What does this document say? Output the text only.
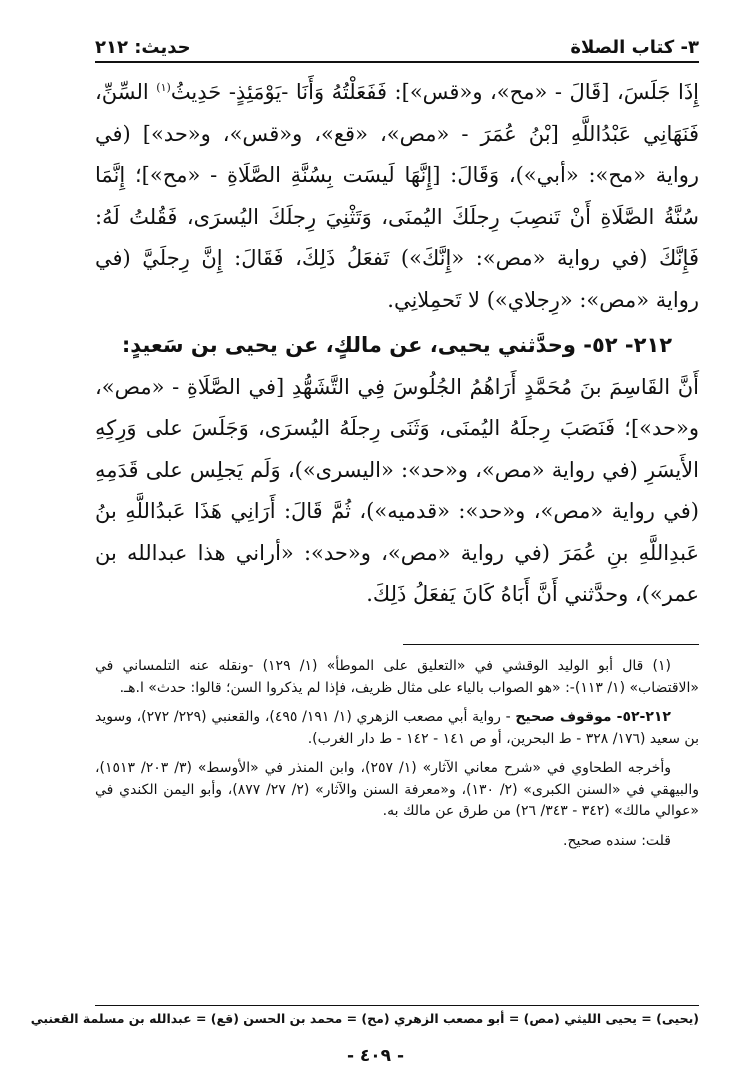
٣- كتاب الصلاة
حديث: ٢١٢

إِذَا جَلَسَ، [قَالَ - «مح»، و«قس»]: فَفَعَلْتُهُ وَأَنَا -يَوْمَئِذٍ- حَدِيثُ$^{(١)}$ السِّنِّ، فَنَهَانِي عَبْدُاللَّهِ [بْنُ عُمَرَ - «مص»، «قع»، و«قس»، و«حد»] (في رواية «مح»: «أبي»)، وَقَالَ: [إِنَّهَا لَيسَت بِسُنَّةِ الصَّلَاةِ - «مح»]؛ إِنَّمَا سُنَّةُ الصَّلَاةِ أَنْ تَنصِبَ رِجلَكَ اليُمنَى، وَتَثْنِيَ رِجلَكَ اليُسرَى، فَقُلتُ لَهُ: فَإِنَّكَ (في رواية «مص»: «إِنَّكَ») تَفعَلُ ذَلِكَ، فَقَالَ: إِنَّ رِجلَيَّ (في رواية «مص»: «رِجلاي») لا تَحمِلانِي.

٢١٢- ٥٢- وحدَّثني يحيى، عن مالكٍ، عن يحيى بن سَعيدٍ:

أَنَّ القَاسِمَ بنَ مُحَمَّدٍ أَرَاهُمُ الجُلُوسَ فِي التَّشَهُّدِ [في الصَّلَاةِ - «مص»، و«حد»]؛ فَنَصَبَ رِجلَهُ اليُمنَى، وَثَنَى رِجلَهُ اليُسرَى، وَجَلَسَ على وَرِكِهِ الأَيسَرِ (في رواية «مص»، و«حد»: «اليسرى»)، وَلَم يَجلِس على قَدَمِهِ (في رواية «مص»، و«حد»: «قدميه»)، ثُمَّ قَالَ: أَرَانِي هَذَا عَبدُاللَّهِ بنُ عَبدِاللَّهِ بنِ عُمَرَ (في رواية «مص»، و«حد»: «أراني هذا عبدالله بن عمر»)، وحدَّثني أَنَّ أَبَاهُ كَانَ يَفعَلُ ذَلِكَ.

(١) قال أبو الوليد الوقشي في «التعليق على الموطأ» (١/ ١٢٩) -ونقله عنه التلمساني في «الاقتضاب» (١/ ١١٣)-: «هو الصواب بالياء على مثال ظريف، فإذا لم يذكروا السن؛ قالوا: حدث» ا.هـ.

٢١٢-٥٢- موقوف صحيح - رواية أبي مصعب الزهري (١/ ١٩١/ ٤٩٥)، والقعنبي (٢٢٩/ ٢٧٢)، وسويد بن سعيد (١٧٦/ ٣٢٨ - ط البحرين، أو ص ١٤١ - ١٤٢ - ط دار الغرب).

وأخرجه الطحاوي في «شرح معاني الآثار» (١/ ٢٥٧)، وابن المنذر في «الأوسط» (٣/ ٢٠٣/ ١٥١٣)، والبيهقي في «السنن الكبرى» (٢/ ١٣٠)، و«معرفة السنن والآثار» (٢/ ٢٧/ ٨٧٧)، وأبو اليمن الكندي في «عوالي مالك» (٣٤٢ - ٣٤٣/ ٢٦) من طرق عن مالك به.

قلت: سنده صحيح.

(يحيى) = يحيى الليثي (مص) = أبو مصعب الزهري (مح) = محمد بن الحسن (قع) = عبدالله بن مسلمة القعنبي
- ٤٠٩ -
